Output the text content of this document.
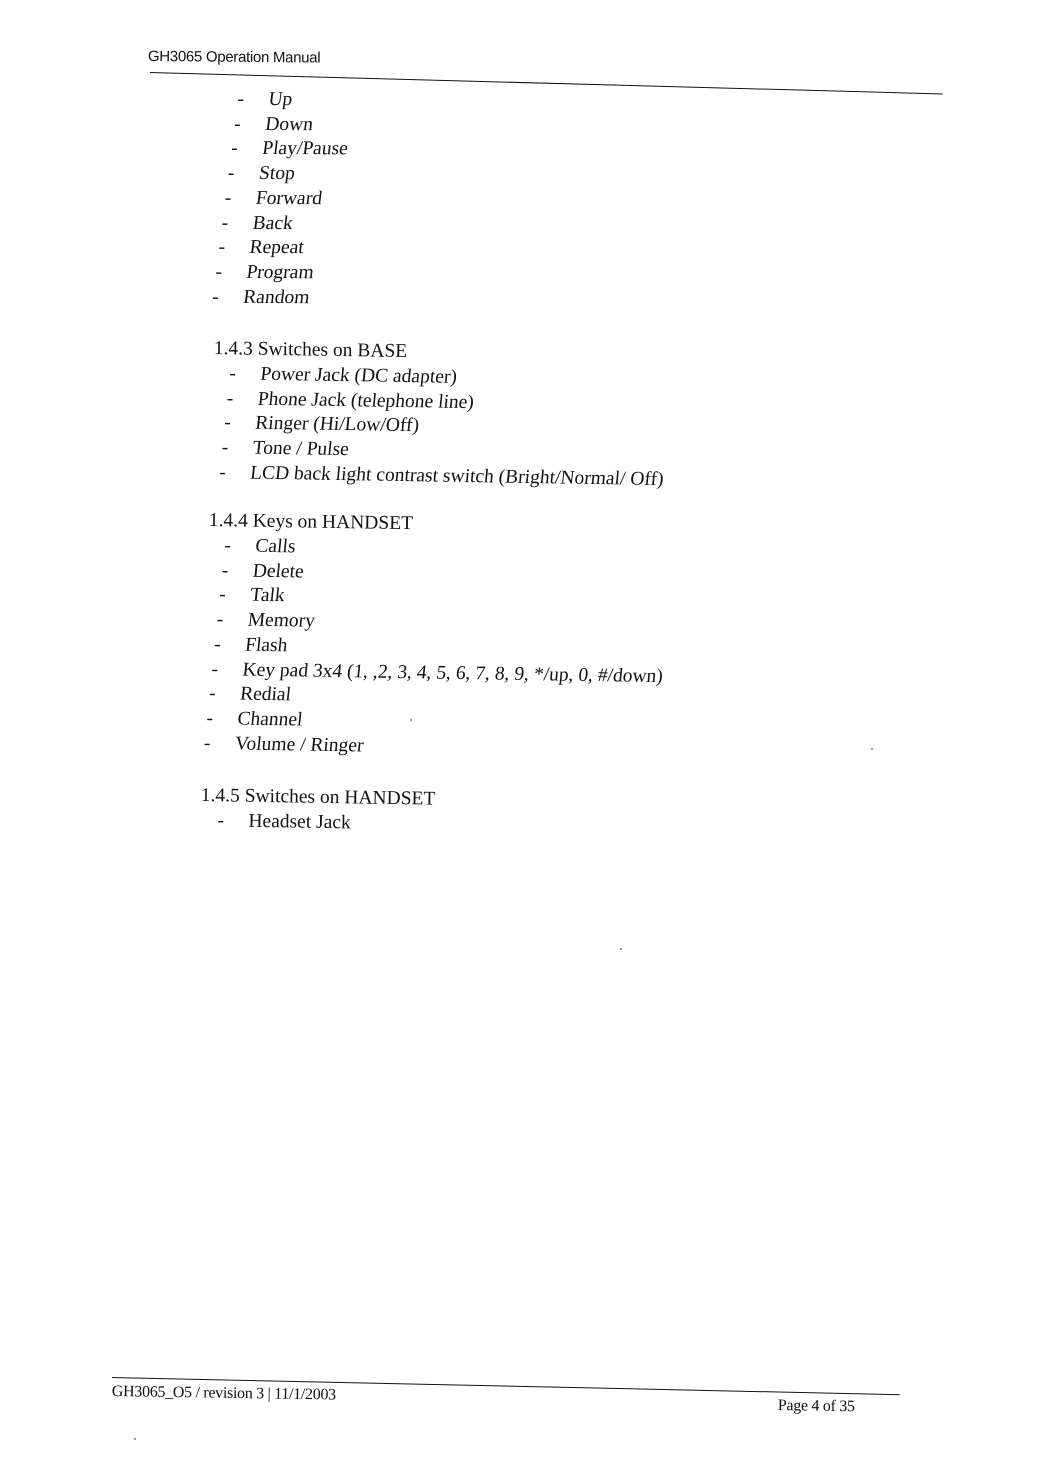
GH3065 Operation Manual
- Up
- Down
- Play/Pause
- Stop
- Forward
- Back
- Repeat
- Program
- Random
1.4.3 Switches on BASE
- Power Jack (DC adapter)
- Phone Jack (telephone line)
- Ringer (Hi/Low/Off)
- Tone / Pulse
- LCD back light contrast switch (Bright/Normal/ Off)
1.4.4 Keys on HANDSET
- Calls
- Delete
- Talk
- Memory
- Flash
- Key pad 3x4 (1, ,2, 3, 4, 5, 6, 7, 8, 9, */up, 0, #/down)
- Redial
- Channel
- Volume / Ringer
1.4.5 Switches on HANDSET
- Headset Jack
GH3065_O5 / revision 3 | 11/1/2003
Page 4 of 35
